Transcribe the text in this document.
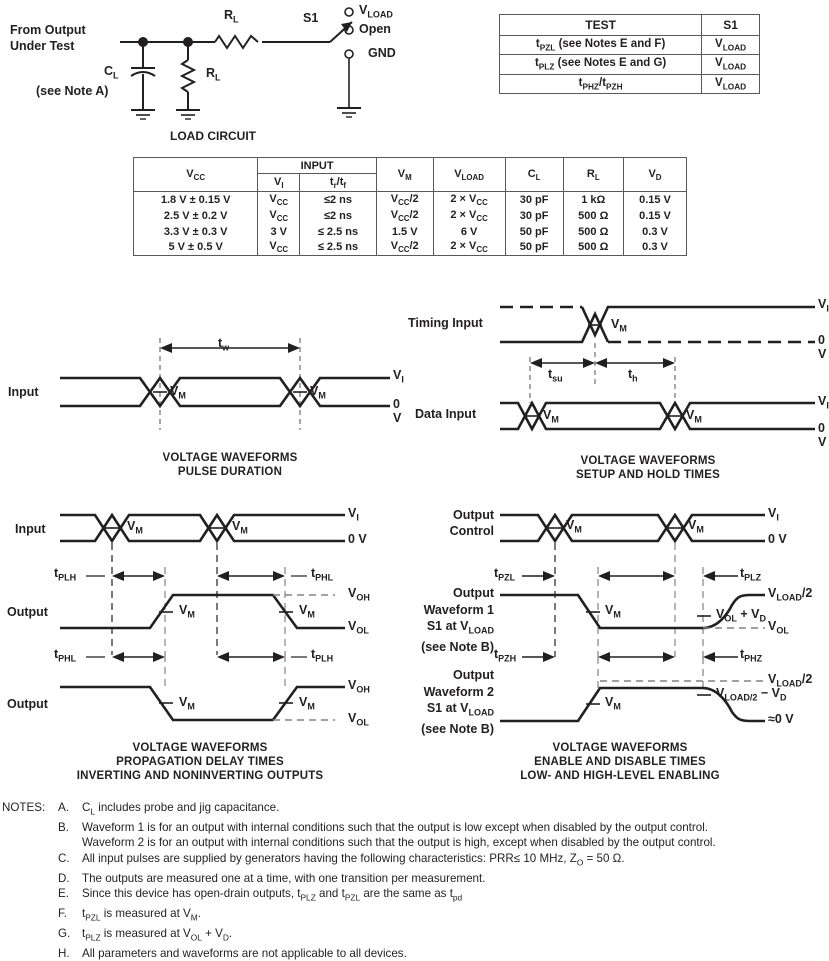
From Output
Under Test
$C_L$
(see Note A)
$R_L$
$R_L$	S1
$V_{LOAD}$
Open
GND
LOAD CIRCUIT
TEST	S1
$t_{PZL}$ (see Notes E and F)	$V_{LOAD}$
$t_{PLZ}$ (see Notes E and G)	$V_{LOAD}$
$t_{PHZ}/t_{PZH}$	$V_{LOAD}$
$V_{CC}$	INPUT		$V_M$	$V_{LOAD}$	$C_L$	$R_L$	$V_D$
	$V_I$	$t_r/t_f$
1.8 V ± 0.15 V	$V_{CC}$	≤2 ns	$V_{CC}/2$	$2 \times V_{CC}$	30 pF	1 kΩ	0.15 V
2.5 V ± 0.2 V	$V_{CC}$	≤2 ns	$V_{CC}/2$	$2 \times V_{CC}$	30 pF	500 Ω	0.15 V
3.3 V ± 0.3 V	3 V	≤ 2.5 ns	1.5 V	6 V	50 pF	500 Ω	0.3 V
5 V ± 0.5 V	$V_{CC}$	≤ 2.5 ns	$V_{CC}/2$	$2 \times V_{CC}$	50 pF	500 Ω	0.3 V
$t_w$
Input	$V_M$	$V_M$
$V_I$
0 V
VOLTAGE WAVEFORMS
PULSE DURATION
Timing Input
Data Input
$V_M$
$t_{su}$	$t_h$
$V_M$	$V_M$
$V_I$
0 V
$V_I$
0 V
VOLTAGE WAVEFORMS
SETUP AND HOLD TIMES
Input
Output
Output
$V_M$	$V_M$
$t_{PLH}$	$t_{PHL}$
$t_{PHL}$	$t_{PLH}$
$V_M$	$V_M$
$V_M$	$V_M$
$V_I$
0 V
$V_{OH}$
$V_{OL}$
$V_{OH}$
$V_{OL}$
VOLTAGE WAVEFORMS
PROPAGATION DELAY TIMES
INVERTING AND NONINVERTING OUTPUTS
Output
Control
Output
Waveform 1
S1 at $V_{LOAD}$
(see Note B)
Output
Waveform 2
S1 at $V_{LOAD}$
(see Note B)
$V_M$	$V_M$
$t_{PZL}$	$t_{PLZ}$
$t_{PZH}$	$t_{PHZ}$
$V_M$
$V_M$
$V_{OL} + V_D$
$V_{LOAD/2} - V_D$
$V_I$
0 V
$V_{LOAD}/2$
$V_{OL}$
$V_{LOAD}/2$
≈0 V
VOLTAGE WAVEFORMS
ENABLE AND DISABLE TIMES
LOW- AND HIGH-LEVEL ENABLING
NOTES:	A.	$C_L$ includes probe and jig capacitance.
B.	Waveform 1 is for an output with internal conditions such that the output is low except when disabled by the output control.
Waveform 2 is for an output with internal conditions such that the output is high, except when disabled by the output control.
C.	All input pulses are supplied by generators having the following characteristics: PRR≤ 10 MHz, $Z_O = 50$ Ω.
D.	The outputs are measured one at a time, with one transition per measurement.
E.	Since this device has open-drain outputs, $t_{PLZ}$ and $t_{PZL}$ are the same as $t_{pd}$
F.	$t_{PZL}$ is measured at $V_M$.
G.	$t_{PLZ}$ is measured at $V_{OL} + V_D$.
H.	All parameters and waveforms are not applicable to all devices.
